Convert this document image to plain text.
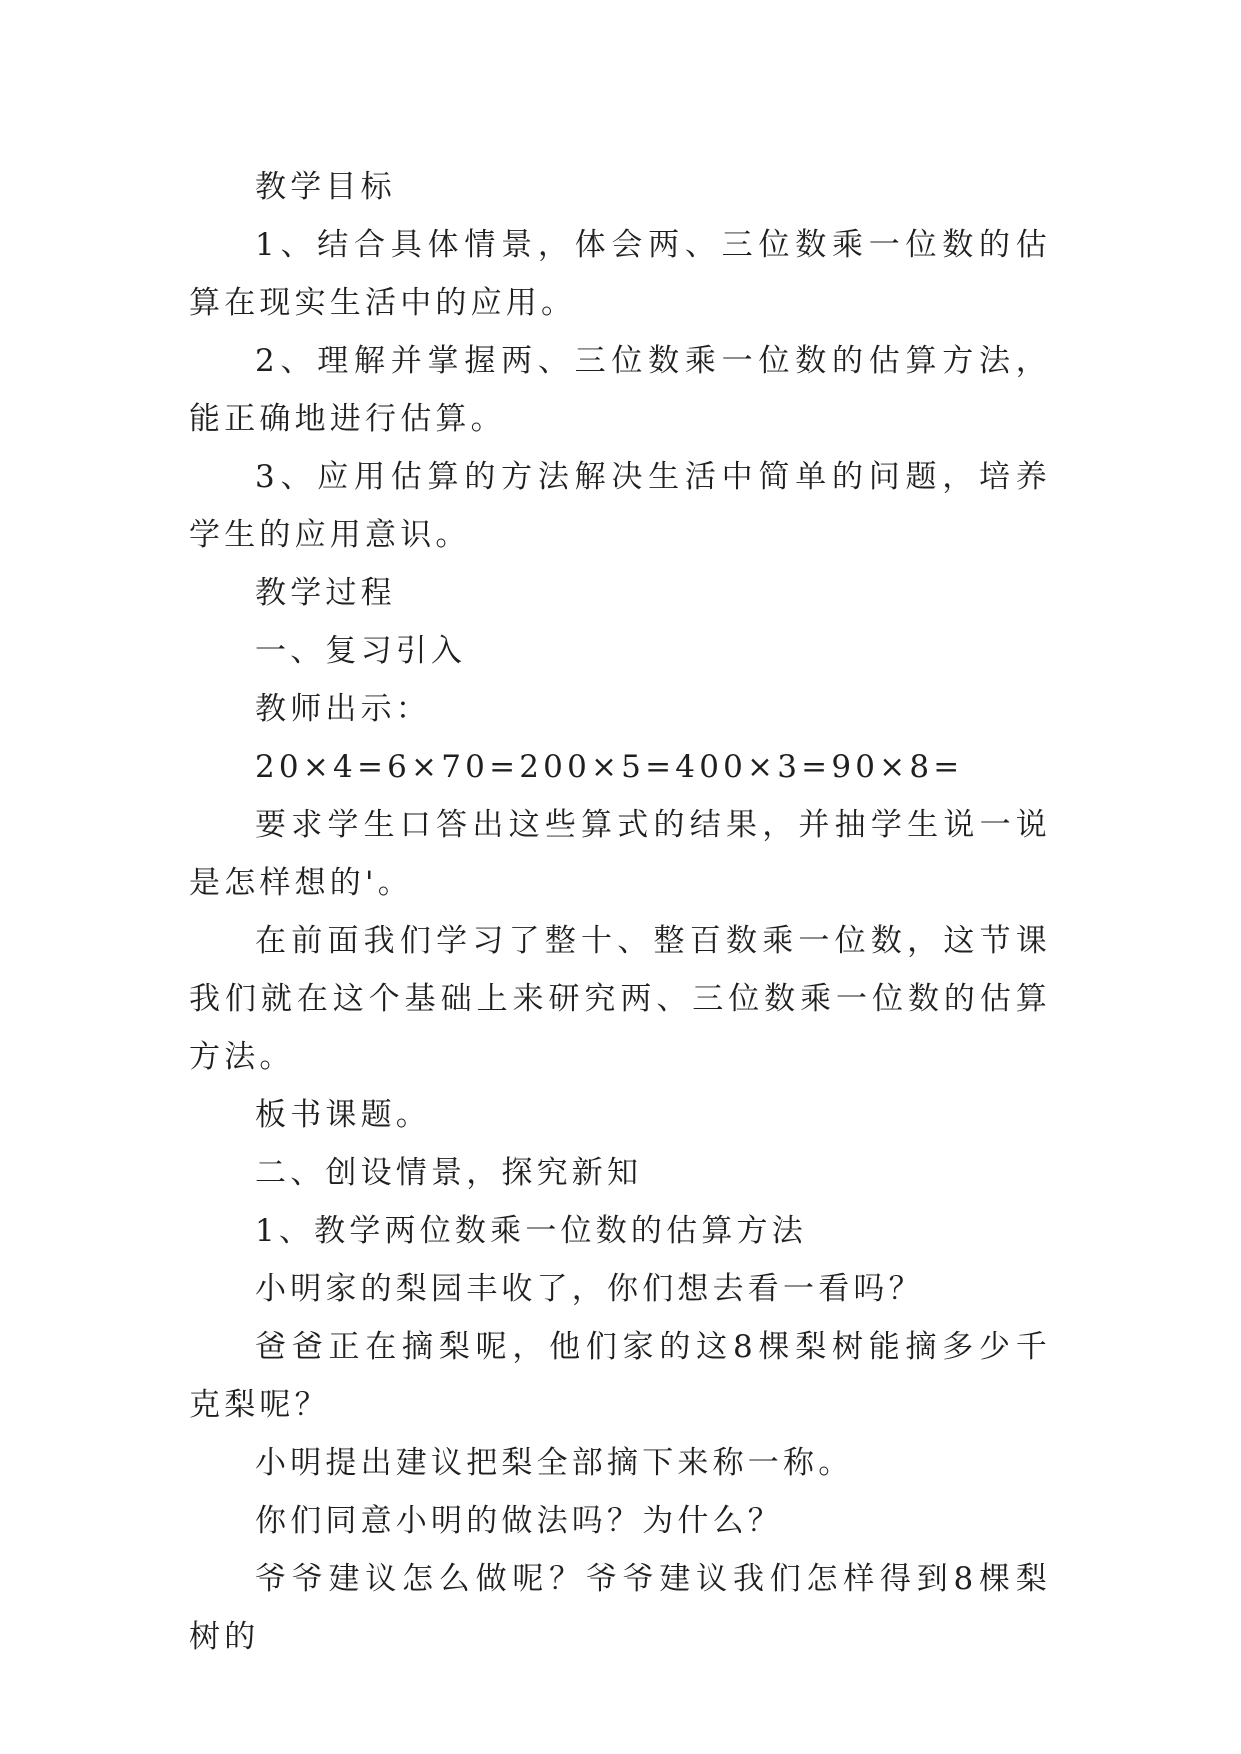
教学目标

1、结合具体情景，体会两、三位数乘一位数的估算在现实生活中的应用。

2、理解并掌握两、三位数乘一位数的估算方法，能正确地进行估算。

3、应用估算的方法解决生活中简单的问题，培养学生的应用意识。

教学过程

一、复习引入

教师出示：

20×4=6×70=200×5=400×3=90×8=

要求学生口答出这些算式的结果，并抽学生说一说是怎样想的'。

在前面我们学习了整十、整百数乘一位数，这节课我们就在这个基础上来研究两、三位数乘一位数的估算方法。

板书课题。

二、创设情景，探究新知

1、教学两位数乘一位数的估算方法

小明家的梨园丰收了，你们想去看一看吗？

爸爸正在摘梨呢，他们家的这8棵梨树能摘多少千克梨呢？

小明提出建议把梨全部摘下来称一称。

你们同意小明的做法吗？为什么？

爷爷建议怎么做呢？爷爷建议我们怎样得到8棵梨树的
